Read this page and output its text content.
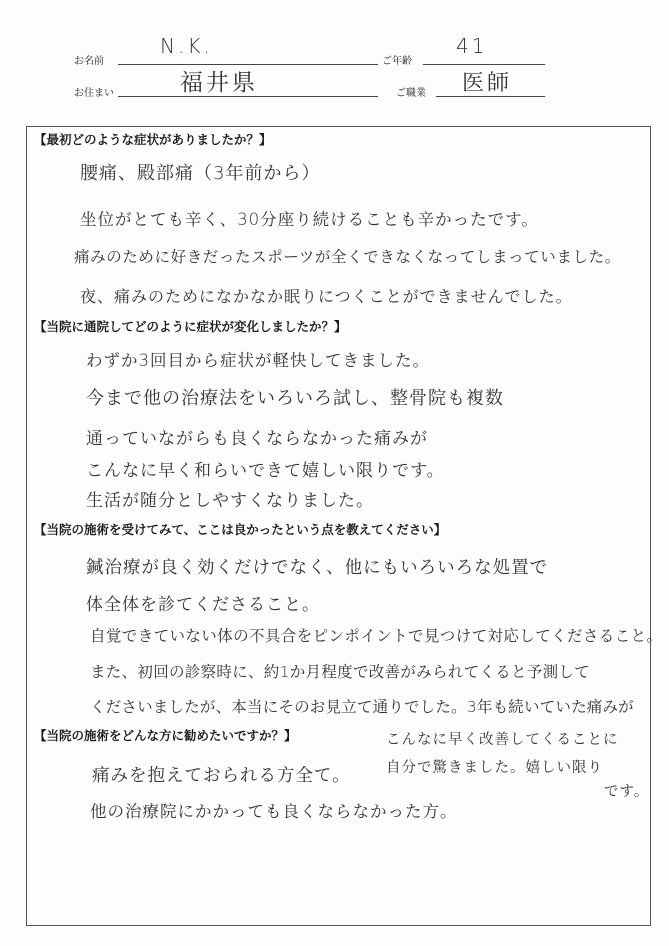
お名前
N.K.
ご年齢
41
お住まい	福井県	ご職業 医師
【最初どのような症状がありましたか？】
腰痛、殿部痛（3年前から）
坐位がとても辛く、30分座り続けることも辛かったです。
痛みのために好きだったスポーツが全くできなくなってしまっていました。
夜、痛みのためになかなか眠りにつくことができませんでした。
【当院に通院してどのように症状が変化しましたか？】
わずか3回目から症状が軽快してきました。
今まで他の治療法をいろいろ試し、整骨院も複数
通っていながらも良くならなかった痛みが
こんなに早く和らいできて嬉しい限りです。
生活が随分としやすくなりました。
【当院の施術を受けてみて、ここは良かったという点を教えてください】
鍼治療が良く効くだけでなく、他にもいろいろな処置で
体全体を診てくださること。
自覚できていない体の不具合をピンポイントで見つけて対応してくださること。
また、初回の診察時に、約1か月程度で改善がみられてくると予測して
くださいましたが、本当にそのお見立て通りでした。3年も続いていた痛みが
こんなに早く改善してくることに
自分で驚きました。嬉しい限り
です。
【当院の施術をどんな方に勧めたいですか？】
痛みを抱えておられる方全て。
他の治療院にかかっても良くならなかった方。
